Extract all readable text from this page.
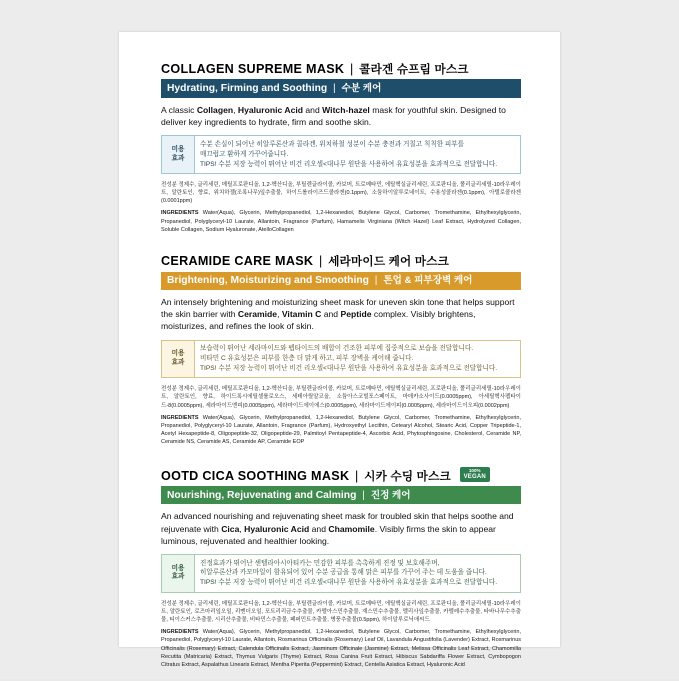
COLLAGEN SUPREME MASK | 콜라겐 슈프림 마스크
Hydrating, Firming and Soothing | 수분 케어
A classic Collagen, Hyaluronic Acid and Witch-hazel mask for youthful skin. Designed to deliver key ingredients to hydrate, firm and soothe skin.
미용
효과
수분 손실이 되어난 히알루론산과 콜라겐, 위치하철 성분이 수분 충전과 거칠고 칙칙한 피부를
매끄럽고 환하게 가꾸어줍니다.
TIPS! 수분 저장 능력이 뛰어난 비건 리오셀<대나무 원단을 사용하여 유효성분을 효과적으로 전달합니다.
전성분 정제수, 글리세린, 메틸프로판디올, 1,2-헥산디올, 부틸렌글라이콜, 카보머, 트로메타민, 에틸헥실글리세린, 프로판디올, 폴리글리세릴-10라우레이트, 알란토인, 향료, 위치하젤(조록나무)잎추출물, 하이드롤라이즈드콜라겐(0.1ppm), 소듐하이알루로네이트, 수용성콜라겐(0.1ppm), 아텔로콜라겐(0.0001ppm)
INGREDIENTS Water(Aqua), Glycerin, Methylpropanediol, 1,2-Hexanediol, Butylene Glycol, Carbomer, Tromethamine, Ethylhexylglycerin, Propanediol, Polyglyceryl-10 Laurate, Allantoin, Fragrance (Parfum), Hamamelis Virginiana (Witch Hazel) Leaf Extract, Hydrolyzed Collagen, Soluble Collagen, Sodium Hyaluronate, AtelloCollagen
CERAMIDE CARE MASK | 세라마이드 케어 마스크
Brightening, Moisturizing and Smoothing | 톤업 & 피부장벽 케어
An intensely brightening and moisturizing sheet mask for uneven skin tone that helps support the skin barrier with Ceramide, Vitamin C and Peptide complex. Visibly brightens, moisturizes, and refines the look of skin.
미용
효과
보습력이 뛰어난 세라마이드와 펩타이드의 배합이 건조한 피부에 집중적으로 보습을 전달합니다.
비타민 C 유효성분은 피부를 한층 더 맑게 하고, 피부 장벽을 케어해 줍니다.
TIPS! 수분 저장 능력이 뛰어난 비건 리오셀<대나무 원단을 사용하여 유효성분을 효과적으로 전달합니다.
전성분 정제수, 글리세린, 메틸프로판디올, 1,2-헥산디올, 부틸렌글라이콜, 카보머, 트로메타민, 에틸헥실글리세린, 프로판디올, 폴리글리세릴-10라우레이트, 알란토인, 향료, 하이드록시에틸셀룰로오스, 세테아릴알코올, 소듐아스코빌포스페이트, 마데카소사이드(0.0005ppm), 아세틸헥사펩타이드-8(0.0005ppm), 세라마이드엔피(0.0005ppm), 세라마이드에이에스(0.0005ppm), 세라마이드에이피(0.0005ppm), 세라마이드이오피(0.0002ppm)
INGREDIENTS Water(Aqua), Glycerin, Methylpropanediol, 1,2-Hexanediol, Butylene Glycol, Carbomer, Tromethamine, Ethylhexylglycerin, Propanediol, Polyglyceryl-10 Laurate, Allantoin, Fragrance (Parfum), Hydroxyethyl Lecithin, Cetearyl Alcohol, Stearic Acid, Copper Tripeptide-1, Acetyl Hexapeptide-8, Oligopeptide-32, Oligopeptide-29, Palmitoyl Pentapeptide-4, Ascorbic Acid, Phytosphingosine, Cholesterol, Ceramide NP, Ceramide NS, Ceramide AS, Ceramide AP, Ceramide EOP
OOTD CICA SOOTHING MASK | 시카 수딩 마스크	100%
VEGAN
Nourishing, Rejuvenating and Calming | 진정 케어
An advanced nourishing and rejuvenating sheet mask for troubled skin that helps soothe and rejuvenate with Cica, Hyaluronic Acid and Chamomile. Visibly firms the skin to appear luminous, rejuvenated and healthier looking.
미용
효과
진정효과가 뛰어난 센텔라아시아티카는 민감한 피부를 촉촉하게 진정 및 보호해주며,
히알루론산과 카모마일이 함유되어 있어 수분 공급을 통해 맑은 피부를 가꾸어 주는 데 도움을 줍니다.
TIPS! 수분 저장 능력이 뛰어난 비건 리오셀<대나무 원단을 사용하여 유효성분을 효과적으로 전달합니다.
전성분 정제수, 글리세린, 메틸프로판디올, 1,2-헥산디올, 부틸렌글라이콜, 카보머, 트로메타민, 에틸헥실글리세린, 프로판디올, 폴리글리세릴-10라우레이트, 알란토인, 로즈마리잎오일, 리멘더오일, 포트리리금수추출물, 카멜아스민추출물, 재스민수추출물, 멜리사잎추출물, 카멜레수추출물, 타바나무수추출물, 티이스커스추출물, 시리산추출물, 비타민스추출물, 페퍼민트추출물, 병풍추출물(0.5ppm), 하이알루로닉애씨드
INGREDIENTS Water(Aqua), Glycerin, Methylpropanediol, 1,2-Hexanediol, Butylene Glycol, Carbomer, Tromethamine, Ethylhexylglycerin, Propanediol, Polyglyceryl-10 Laurate, Allantoin, Rosmarinus Officinalis (Rosemary) Leaf Oil, Lavandula Angustifolia (Lavender) Extract, Rosmarinus Officinalis (Rosemary) Extract, Calendula Officinalis Extract, Jasminum Officinale (Jasmine) Extract, Melissa Officinalis Leaf Extract, Chamomilla Recutita (Matricaria) Extract, Thymus Vulgaris (Thyme) Extract, Rosa Canina Fruit Extract, Hibiscus Sabdariffa Flower Extract, Cymbopogon Citratus Extract, Aspalathus Linearis Extract, Mentha Piperita (Peppermint) Extract, Centella Asiatica Extract, Hyaluronic Acid
